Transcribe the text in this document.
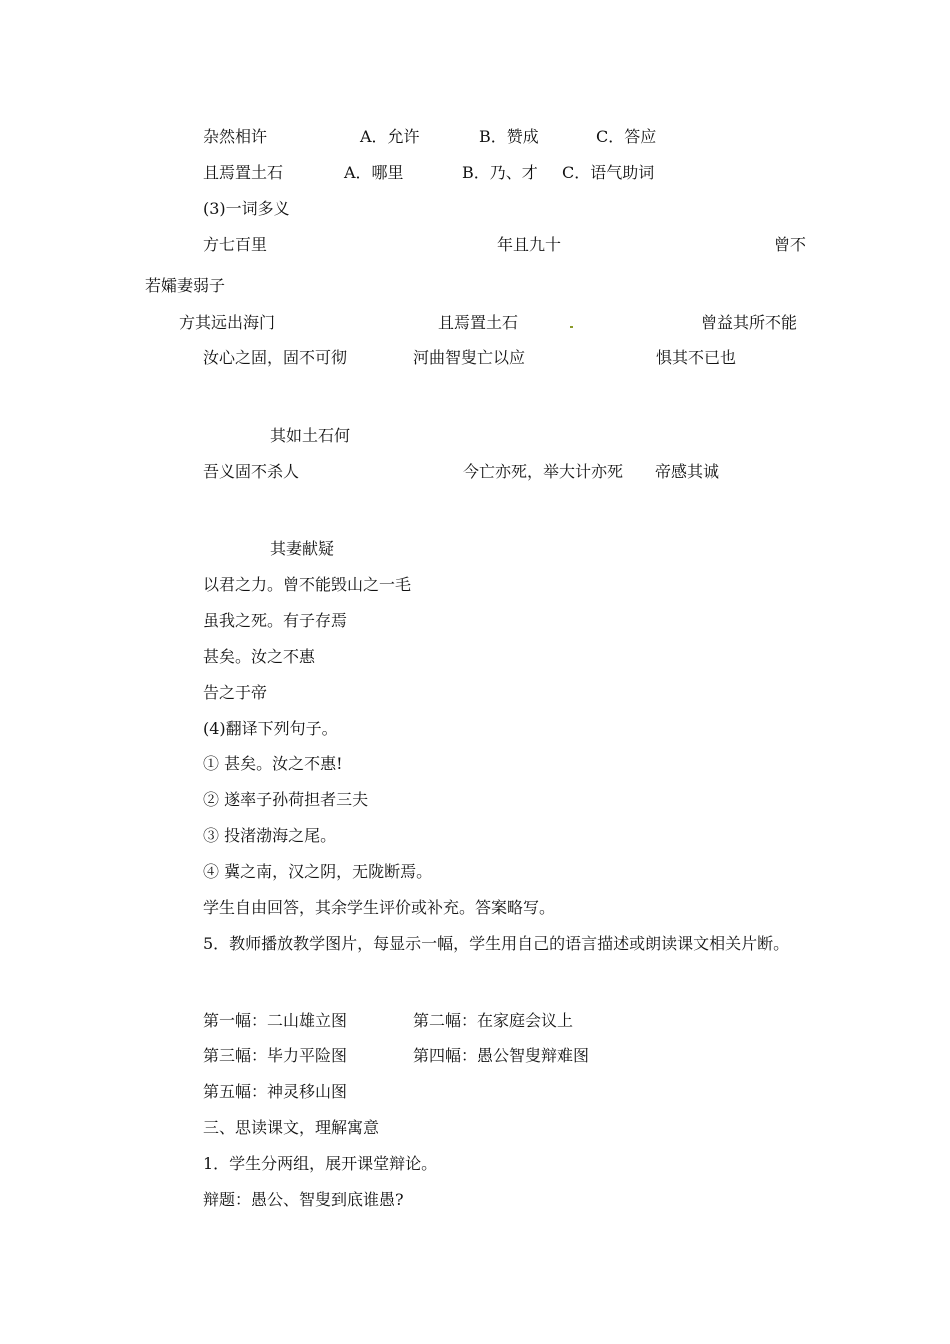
杂然相许	A．允许	B．赞成	C．答应
且焉置土石	A．哪里	B．乃、才 C．语气助词
(3)一词多义
方七百里	年且九十	曾不
若孀妻弱子
方其远出海门	且焉置土石	曾益其所不能
汝心之固，固不可彻	河曲智叟亡以应	惧其不已也
其如土石何
吾义固不杀人	今亡亦死，举大计亦死 帝感其诚
其妻献疑
以君之力。曾不能毁山之一毛
虽我之死。有子存焉
甚矣。汝之不惠
告之于帝
(4)翻译下列句子。
① 甚矣。汝之不惠!
② 遂率子孙荷担者三夫
③ 投渚渤海之尾。
④ 冀之南，汉之阴，无陇断焉。
学生自由回答，其余学生评价或补充。答案略写。
5．教师播放教学图片，每显示一幅，学生用自己的语言描述或朗读课文相关片断。
第一幅：二山雄立图	第二幅：在家庭会议上
第三幅：毕力平险图	第四幅：愚公智叟辩难图
第五幅：神灵移山图
三、思读课文，理解寓意
1．学生分两组，展开课堂辩论。
辩题：愚公、智叟到底谁愚?
